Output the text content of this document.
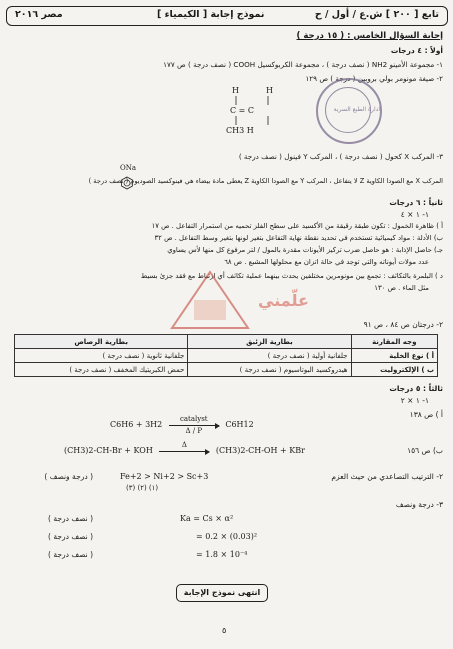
مصر ٢٠١٦	نموذج إجابة [ الكيمياء ]	تابع [ ٢٠٠ ] ش.ع / أول / ح
إجابة السؤال الخامس : ( ١٥ درجة )
أولاً : ٤ درجات
١- مجموعة الأمينو NH2 ( نصف درجة ) ، مجموعة الكربوكسيل COOH ( نصف درجة ) ص ١٧٧
٢- صيغة مونومر بولي بروبين ( درجة ) ص ١٢٩
H	H
C = C
CH3 H
ادارة الطبع السرية
٣- المركب X كحول ( نصف درجة ) ، المركب Y فينول ( نصف درجة )
ONa
المركب X مع الصودا الكاوية Z لا يتفاعل ، المركب Y مع الصودا الكاوية Z يعطى مادة بيضاء هي فينوكسيد الصوديوم ( نصف درجة )
ثانياً : ٦ درجات
١- ١ × ٤
أ ) ظاهرة الخمول : تكون طبقة رقيقة من الأكسيد على سطح الفلز تحميه من استمرار التفاعل . ص ١٧
ب) الأدلة : مواد كيميائية تستخدم في تحديد نقطة نهاية التفاعل بتغير لونها بتغير وسط التفاعل . ص ٣٢
جـ) حاصل الإذابة : هو حاصل ضرب تركيز الأيونات مقدرة بالمول / لتر مرفوع كل منها لأس يساوي
عدد مولات أيوناته والتي توجد في حالة اتزان مع محلولها المشبع . ص ٦٨
د ) البلمرة بالتكاثف : تجمع بين مونومرين مختلفين يحدث بينهما عملية تكاثف أي ارتباط مع فقد جزئ بسيط
مثل الماء . ص ١٣٠
علّمني
٢- درجتان ص ٨٤ ، ص ٩١
وجه المقارنة	بطارية الزئبق	بطارية الرصاص
أ ) نوع الخلية	جلفانية أولية ( نصف درجة )	جلفانية ثانوية ( نصف درجة )
ب ) الإلكتروليت	هيدروكسيد البوتاسيوم ( نصف درجة )	حمض الكبريتيك المخفف ( نصف درجة )
ثالثاً : ٥ درجات
١- ١ × ٢
أ ) ص ١٣٨
C6H6 + 3H2
catalyst
Δ / P
C6H12
ب) ص ١٥٦
(CH3)2-CH-Br + KOH
Δ
(CH3)2-CH-OH + KBr
٢- الترتيب التصاعدي من حيث العزم
Fe+2 > Ni+2 > Sc+3
( درجة ونصف )
(٣) (٢) (١)
٣- درجة ونصف
Ka = Cs × α²
( نصف درجة )
= 0.2 × (0.03)²
( نصف درجة )
= 1.8 × 10⁻⁴
( نصف درجة )
انتهى نموذج الإجابة
٥
